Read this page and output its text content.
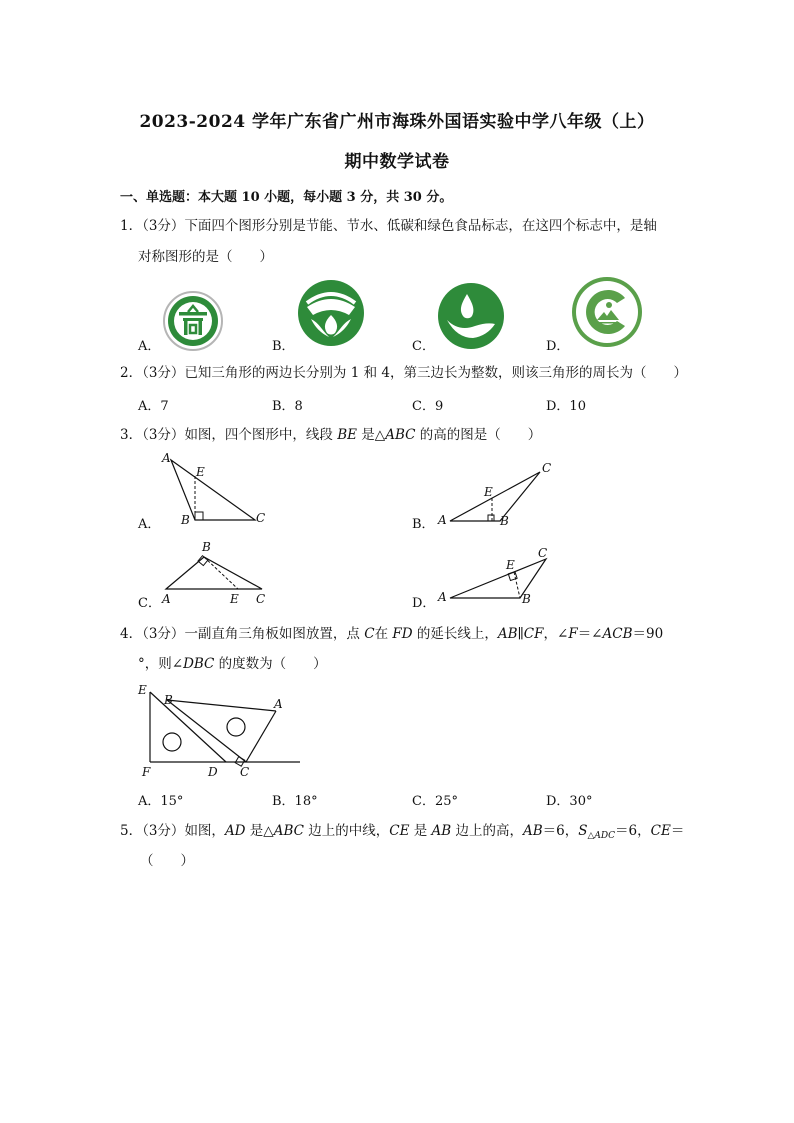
2023-2024 学年广东省广州市海珠外国语实验中学八年级（上）
期中数学试卷
一、单选题：本大题 10 小题，每小题 3 分，共 30 分。
1．（3分）下面四个图形分别是节能、节水、低碳和绿色食品标志，在这四个标志中，是轴
对称图形的是（　　）
A．	B．	C．	D．
2．（3分）已知三角形的两边长分别为 1 和 4，第三边长为整数，则该三角形的周长为（　　）
A．7	B．8	C．9	D．10
3．（3分）如图，四个图形中，线段 BE 是△ABC 的高的图是（　　）
A
E
B	C
A．	A
E
B
C
B．
B
A	E C
C．	A
E
B
C
D．
4．（3分）一副直角三角板如图放置，点 C在 FD 的延长线上，AB∥CF，∠F＝∠ACB＝90
°，则∠DBC 的度数为（　　）
E
B	A
F	D C
A．15°	B．18°	C．25°	D．30°
5．（3分）如图，AD 是△ABC 边上的中线，CE 是 AB 边上的高，AB＝6，$S_{\triangle ADC}=6$，CE＝
（　　）
